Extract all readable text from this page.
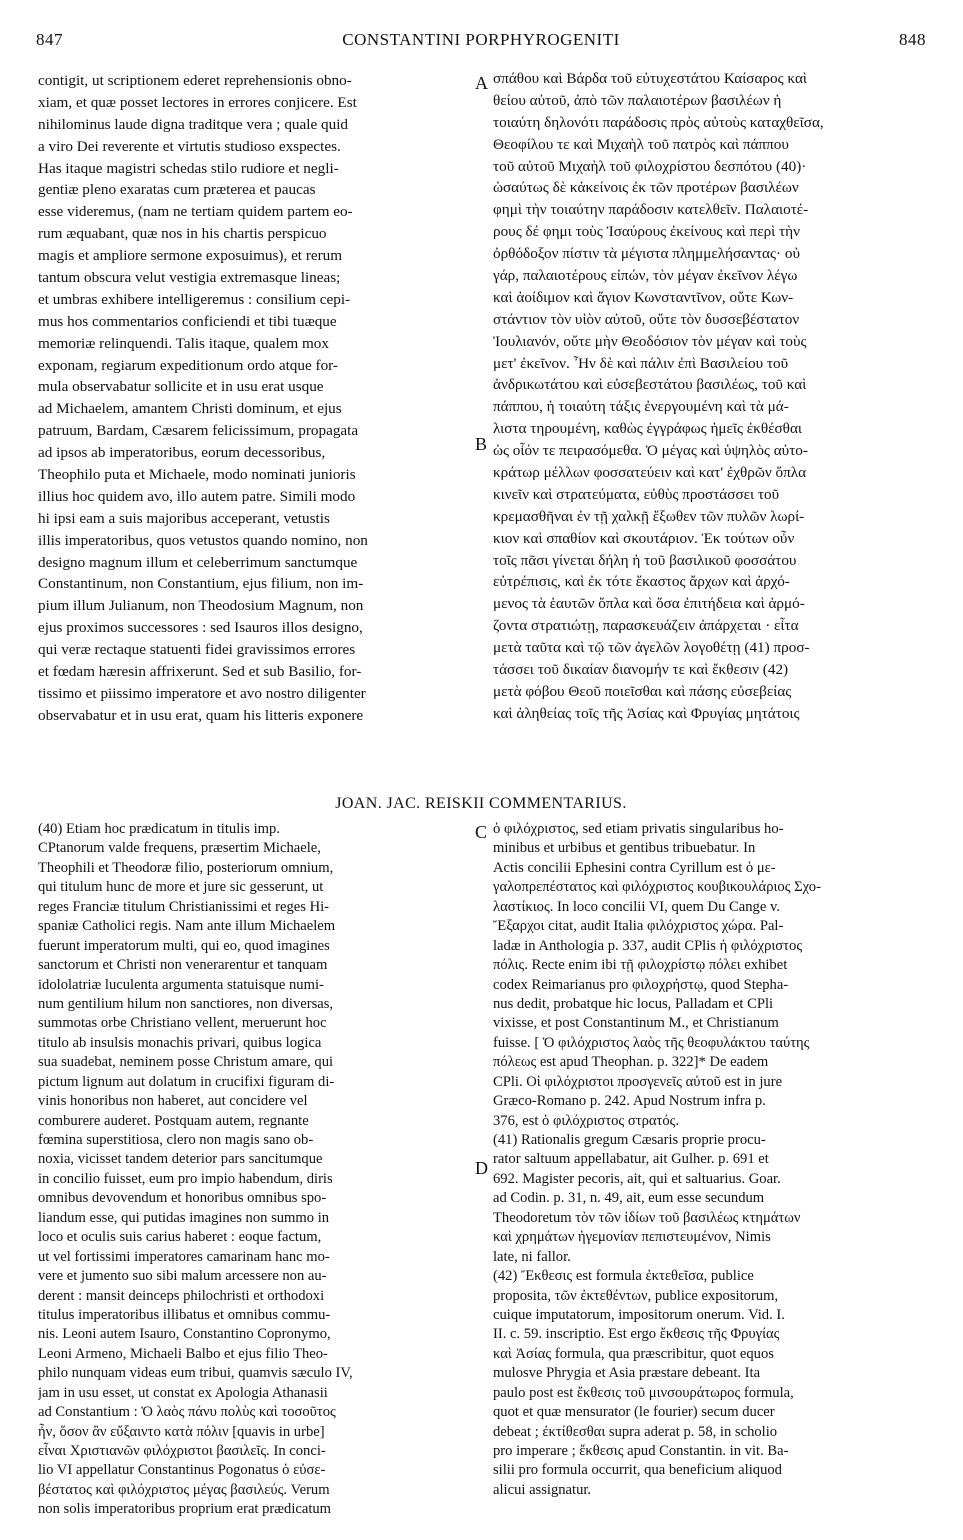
847	CONSTANTINI PORPHYROGENITI	848
contigit, ut scriptionem ederet reprehensionis obno-
xiam, et quæ posset lectores in errores conjicere. Est
nihilominus laude digna traditque vera ; quale quid
a viro Dei reverente et virtutis studioso exspectes.
Has itaque magistri schedas stilo rudiore et negli-
gentiæ pleno exaratas cum præterea et paucas
esse videremus, (nam ne tertiam quidem partem eo-
rum æquabant, quæ nos in his chartis perspicuo
magis et ampliore sermone exposuimus), et rerum
tantum obscura velut vestigia extremasque lineas;
et umbras exhibere intelligeremus : consilium cepi-
mus hos commentarios conficiendi et tibi tuæque
memoriæ relinquendi. Talis itaque, qualem mox
exponam, regiarum expeditionum ordo atque for-
mula observabatur sollicite et in usu erat usque
ad Michaelem, amantem Christi dominum, et ejus
patruum, Bardam, Cæsarem felicissimum, propagata
ad ipsos ab imperatoribus, eorum decessoribus,
Theophilo puta et Michaele, modo nominati junioris
illius hoc quidem avo, illo autem patre. Simili modo
hi ipsi eam a suis majoribus acceperant, vetustis
illis imperatoribus, quos vetustos quando nomino, non
designo magnum illum et celeberrimum sanctumque
Constantinum, non Constantium, ejus filium, non im-
pium illum Julianum, non Theodosium Magnum, non
ejus proximos successores : sed Isauros illos designo,
qui veræ rectaque statuenti fidei gravissimos errores
et fœdam hæresin affrixerunt. Sed et sub Basilio, for-
tissimo et piissimo imperatore et avo nostro diligenter
observabatur et in usu erat, quam his litteris exponere
σπάθου καὶ Βάρδα τοῦ εὐτυχεστάτου Καίσαρος καὶ
θείου αὐτοῦ, ἀπὸ τῶν παλαιοτέρων βασιλέων ἡ
τοιαύτη δηλονότι παράδοσις πρὸς αὐτοὺς καταχθεῖσα,
Θεοφίλου τε καὶ Μιχαὴλ τοῦ πατρὸς καὶ πάππου
τοῦ αὐτοῦ Μιχαὴλ τοῦ φιλοχρίστου δεσπότου (40)·
ὡσαύτως δὲ κἀκείνοις ἐκ τῶν προτέρων βασιλέων
φημὶ τὴν τοιαύτην παράδοσιν κατελθεῖν. Παλαιοτέ-
ρους δέ φημι τοὺς Ἰσαύρους ἐκείνους καὶ περὶ τὴν
ὀρθόδοξον πίστιν τὰ μέγιστα πλημμελήσαντας· οὐ
γάρ, παλαιοτέρους εἰπών, τὸν μέγαν ἐκεῖνον λέγω
καὶ ἀοίδιμον καὶ ἅγιον Κωνσταντῖνον, οὔτε Κων-
στάντιον τὸν υἱὸν αὐτοῦ, οὔτε τὸν δυσσεβέστατον
Ἰουλιανόν, οὔτε μὴν Θεοδόσιον τὸν μέγαν καὶ τοὺς
μετ' ἐκεῖνον. Ἦν δὲ καὶ πάλιν ἐπὶ Βασιλείου τοῦ
ἀνδρικωτάτου καὶ εὐσεβεστάτου βασιλέως, τοῦ καὶ
πάππου, ἡ τοιαύτη τάξις ἐνεργουμένη καὶ τὰ μά-
λιστα τηρουμένη, καθὼς ἐγγράφως ἡμεῖς ἐκθέσθαι
ὡς οἷόν τε πειρασόμεθα. Ὁ μέγας καὶ ὑψηλὸς αὐτο-
κράτωρ μέλλων φοσσατεύειν καὶ κατ' ἐχθρῶν ὅπλα
κινεῖν καὶ στρατεύματα, εὐθὺς προστάσσει τοῦ
κρεμασθῆναι ἐν τῇ χαλκῇ ἔξωθεν τῶν πυλῶν λωρί-
κιον καὶ σπαθίον καὶ σκουτάριον. Ἐκ τούτων οὖν
τοῖς πᾶσι γίνεται δήλη ἡ τοῦ βασιλικοῦ φοσσάτου
εὐτρέπισις, καὶ ἐκ τότε ἕκαστος ἄρχων καὶ ἀρχό-
μενος τὰ ἑαυτῶν ὅπλα καὶ ὅσα ἐπιτήδεια καὶ ἁρμό-
ζοντα στρατιώτῃ, παρασκευάζειν ἀπάρχεται · εἶτα
μετὰ ταῦτα καὶ τῷ τῶν ἀγελῶν λογοθέτῃ (41) προσ-
τάσσει τοῦ δικαίαν διανομήν τε καὶ ἔκθεσιν (42)
μετὰ φόβου Θεοῦ ποιεῖσθαι καὶ πάσης εὐσεβείας
καὶ ἀληθείας τοῖς τῆς Ἀσίας καὶ Φρυγίας μητάτοις
A
B
C
D
JOAN. JAC. REISKII COMMENTARIUS.
(40) Etiam hoc prædicatum in titulis imp.
CPtanorum valde frequens, præsertim Michaele,
Theophili et Theodoræ filio, posteriorum omnium,
qui titulum hunc de more et jure sic gesserunt, ut
reges Franciæ titulum Christianissimi et reges Hi-
spaniæ Catholici regis. Nam ante illum Michaelem
fuerunt imperatorum multi, qui eo, quod imagines
sanctorum et Christi non venerarentur et tanquam
idololatriæ luculenta argumenta statuisque numi-
num gentilium hilum non sanctiores, non diversas,
summotas orbe Christiano vellent, meruerunt hoc
titulo ab insulsis monachis privari, quibus logica
sua suadebat, neminem posse Christum amare, qui
pictum lignum aut dolatum in crucifixi figuram di-
vinis honoribus non haberet, aut concidere vel
comburere auderet. Postquam autem, regnante
fœmina superstitiosa, clero non magis sano ob-
noxia, vicisset tandem deterior pars sancitumque
in concilio fuisset, eum pro impio habendum, diris
omnibus devovendum et honoribus omnibus spo-
liandum esse, qui putidas imagines non summo in
loco et oculis suis carius haberet : eoque factum,
ut vel fortissimi imperatores camarinam hanc mo-
vere et jumento suo sibi malum arcessere non au-
derent : mansit deinceps philochristi et orthodoxi
titulus imperatoribus illibatus et omnibus commu-
nis. Leoni autem Isauro, Constantino Copronymo,
Leoni Armeno, Michaeli Balbo et ejus filio Theo-
philo nunquam videas eum tribui, quamvis sæculo IV,
jam in usu esset, ut constat ex Apologia Athanasii
ad Constantium : Ὁ λαὸς πάνυ πολὺς καὶ τοσοῦτος
ἦν, ὅσον ἂν εὔξαιντο κατὰ πόλιν [quavis in urbe]
εἶναι Χριστιανῶν φιλόχριστοι βασιλεῖς. In conci-
lio VI appellatur Constantinus Pogonatus ὁ εὐσε-
βέστατος καὶ φιλόχριστος μέγας βασιλεύς. Verum
non solis imperatoribus proprium erat prædicatum
ὁ φιλόχριστος, sed etiam privatis singularibus ho-
minibus et urbibus et gentibus tribuebatur. In
Actis concilii Ephesini contra Cyrillum est ὁ με-
γαλοπρεπέστατος καὶ φιλόχριστος κουβικουλάριος Σχο-
λαστίκιος. In loco concilii VI, quem Du Cange v.
Ἔξαρχοι citat, audit Italia φιλόχριστος χώρα. Pal-
ladæ in Anthologia p. 337, audit CPlis ἡ φιλόχριστος
πόλις. Recte enim ibi τῇ φιλοχρίστῳ πόλει exhibet
codex Reimarianus pro φιλοχρήστῳ, quod Stepha-
nus dedit, probatque hic locus, Palladam et CPli
vixisse, et post Constantinum M., et Christianum
fuisse. [ Ὁ φιλόχριστος λαὸς τῆς θεοφυλάκτου ταύτης
πόλεως est apud Theophan. p. 322]* De eadem
CPli. Οἱ φιλόχριστοι προσγενεῖς αὐτοῦ est in jure
Græco-Romano p. 242. Apud Nostrum infra p.
376, est ὁ φιλόχριστος στρατός.
(41) Rationalis gregum Cæsaris proprie procu-
rator saltuum appellabatur, ait Gulher. p. 691 et
692. Magister pecoris, ait, qui et saltuarius. Goar.
ad Codin. p. 31, n. 49, ait, eum esse secundum
Theodoretum τὸν τῶν ἰδίων τοῦ βασιλέως κτημάτων
καὶ χρημάτων ἡγεμονίαν πεπιστευμένον, Nimis
late, ni fallor.
(42) Ἔκθεσις est formula ἐκτεθεῖσα, publice
proposita, τῶν ἐκτεθέντων, publice expositorum,
cuique imputatorum, impositorum onerum. Vid. I.
II. c. 59. inscriptio. Est ergo ἔκθεσις τῆς Φρυγίας
καὶ Ἀσίας formula, qua præscribitur, quot equos
mulosve Phrygia et Asia præstare debeant. Ita
paulo post est ἔκθεσις τοῦ μινσουράτωρος formula,
quot et quæ mensurator (le fourier) secum ducer
debeat ; ἐκτίθεσθαι supra aderat p. 58, in scholio
pro imperare ; ἔκθεσις apud Constantin. in vit. Ba-
silii pro formula occurrit, qua beneficium aliquod
alicui assignatur.
